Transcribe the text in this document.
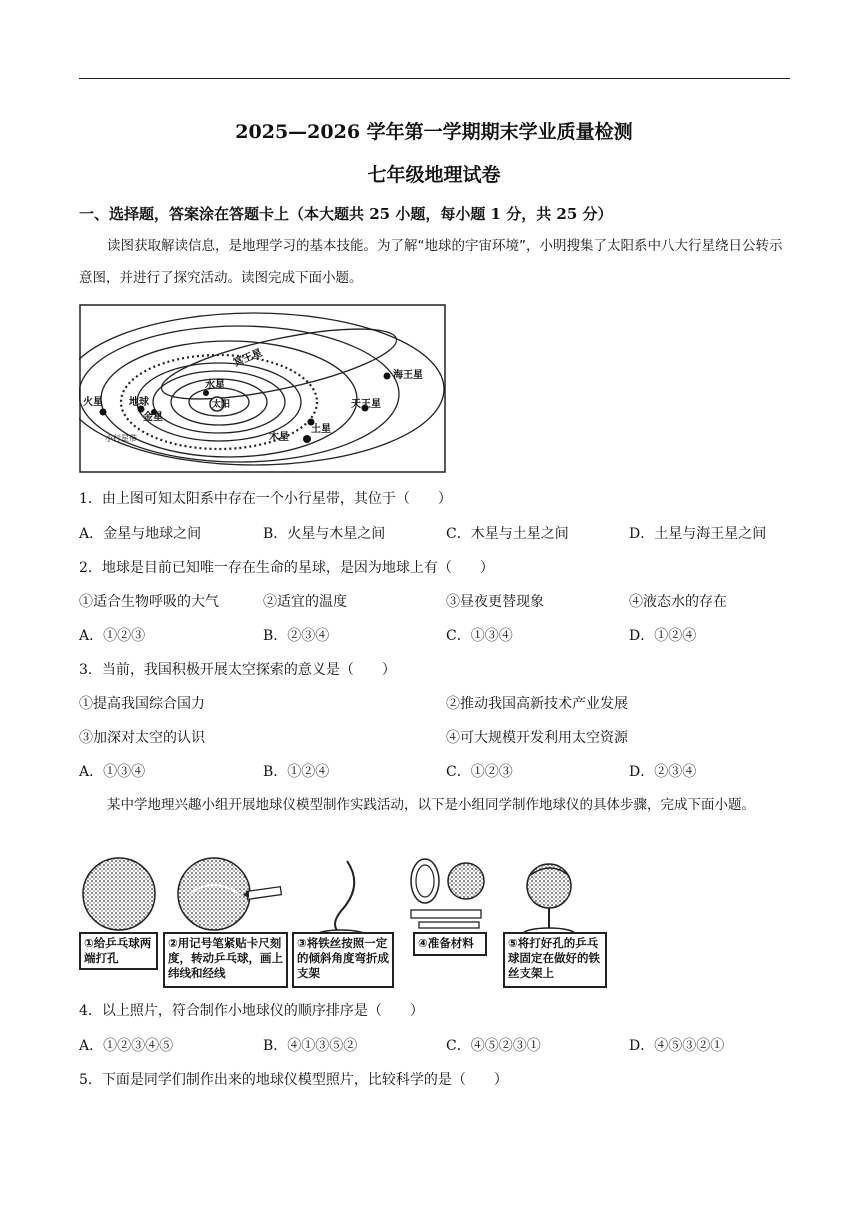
2025—2026 学年第一学期期末学业质量检测
七年级地理试卷
一、选择题，答案涂在答题卡上（本大题共 25 小题，每小题 1 分，共 25 分）
读图获取解读信息，是地理学习的基本技能。为了解“地球的宇宙环境”，小明搜集了太阳系中八大行星绕日公转示意图，并进行了探究活动。读图完成下面小题。
冥王星
海王星
水星
火星	地球	太阳
金星
天王星
土星
木星
小行星带
1．由上图可知太阳系中存在一个小行星带，其位于（　　）
A．金星与地球之间	B．火星与木星之间	C．木星与土星之间	D．土星与海王星之间
2．地球是目前已知唯一存在生命的星球，是因为地球上有（　　）
①适合生物呼吸的大气	②适宜的温度	③昼夜更替现象	④液态水的存在
A．①②③	B．②③④	C．①③④	D．①②④
3．当前，我国积极开展太空探索的意义是（　　）
①提高我国综合国力	②推动我国高新技术产业发展
③加深对太空的认识	④可大规模开发利用太空资源
A．①③④	B．①②④	C．①②③	D．②③④
某中学地理兴趣小组开展地球仪模型制作实践活动，以下是小组同学制作地球仪的具体步骤，完成下面小题。
①给乒乓球两端打孔
②用记号笔紧贴卡尺刻度，转动乒乓球，画上纬线和经线
③将铁丝按照一定的倾斜角度弯折成支架
④准备材料	⑤将打好孔的乒乓球固定在做好的铁丝支架上
4．以上照片，符合制作小地球仪的顺序排序是（　　）
A．①②③④⑤	B．④①③⑤②	C．④⑤②③①	D．④⑤③②①
5．下面是同学们制作出来的地球仪模型照片，比较科学的是（　　）
